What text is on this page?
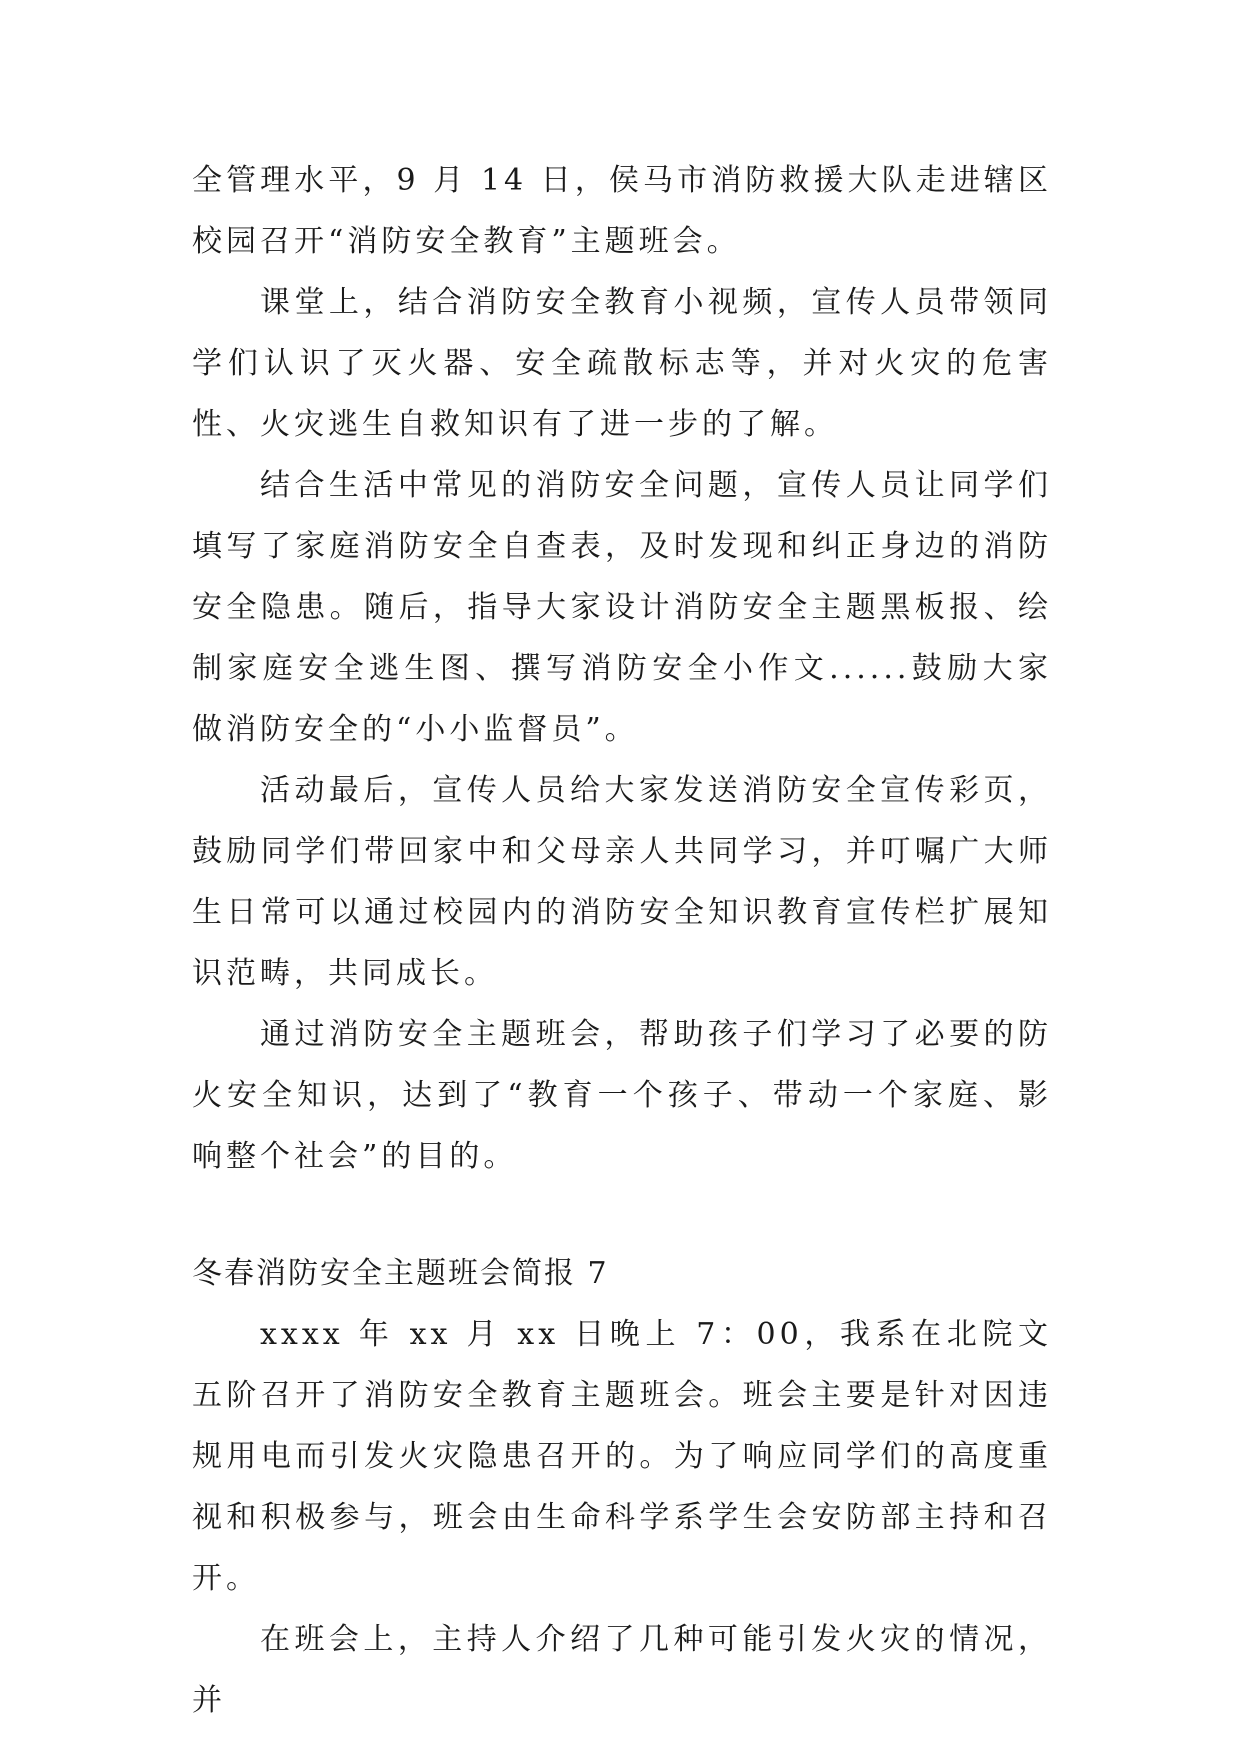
全管理水平，9 月 14 日，侯马市消防救援大队走进辖区校园召开“消防安全教育”主题班会。

课堂上，结合消防安全教育小视频，宣传人员带领同学们认识了灭火器、安全疏散标志等，并对火灾的危害性、火灾逃生自救知识有了进一步的了解。

结合生活中常见的消防安全问题，宣传人员让同学们填写了家庭消防安全自查表，及时发现和纠正身边的消防安全隐患。随后，指导大家设计消防安全主题黑板报、绘制家庭安全逃生图、撰写消防安全小作文......鼓励大家做消防安全的“小小监督员”。

活动最后，宣传人员给大家发送消防安全宣传彩页，鼓励同学们带回家中和父母亲人共同学习，并叮嘱广大师生日常可以通过校园内的消防安全知识教育宣传栏扩展知识范畴，共同成长。

通过消防安全主题班会，帮助孩子们学习了必要的防火安全知识，达到了“教育一个孩子、带动一个家庭、影响整个社会”的目的。

冬春消防安全主题班会简报 7

xxxx 年 xx 月 xx 日晚上 7：00，我系在北院文五阶召开了消防安全教育主题班会。班会主要是针对因违规用电而引发火灾隐患召开的。为了响应同学们的高度重视和积极参与，班会由生命科学系学生会安防部主持和召开。

在班会上，主持人介绍了几种可能引发火灾的情况，并
